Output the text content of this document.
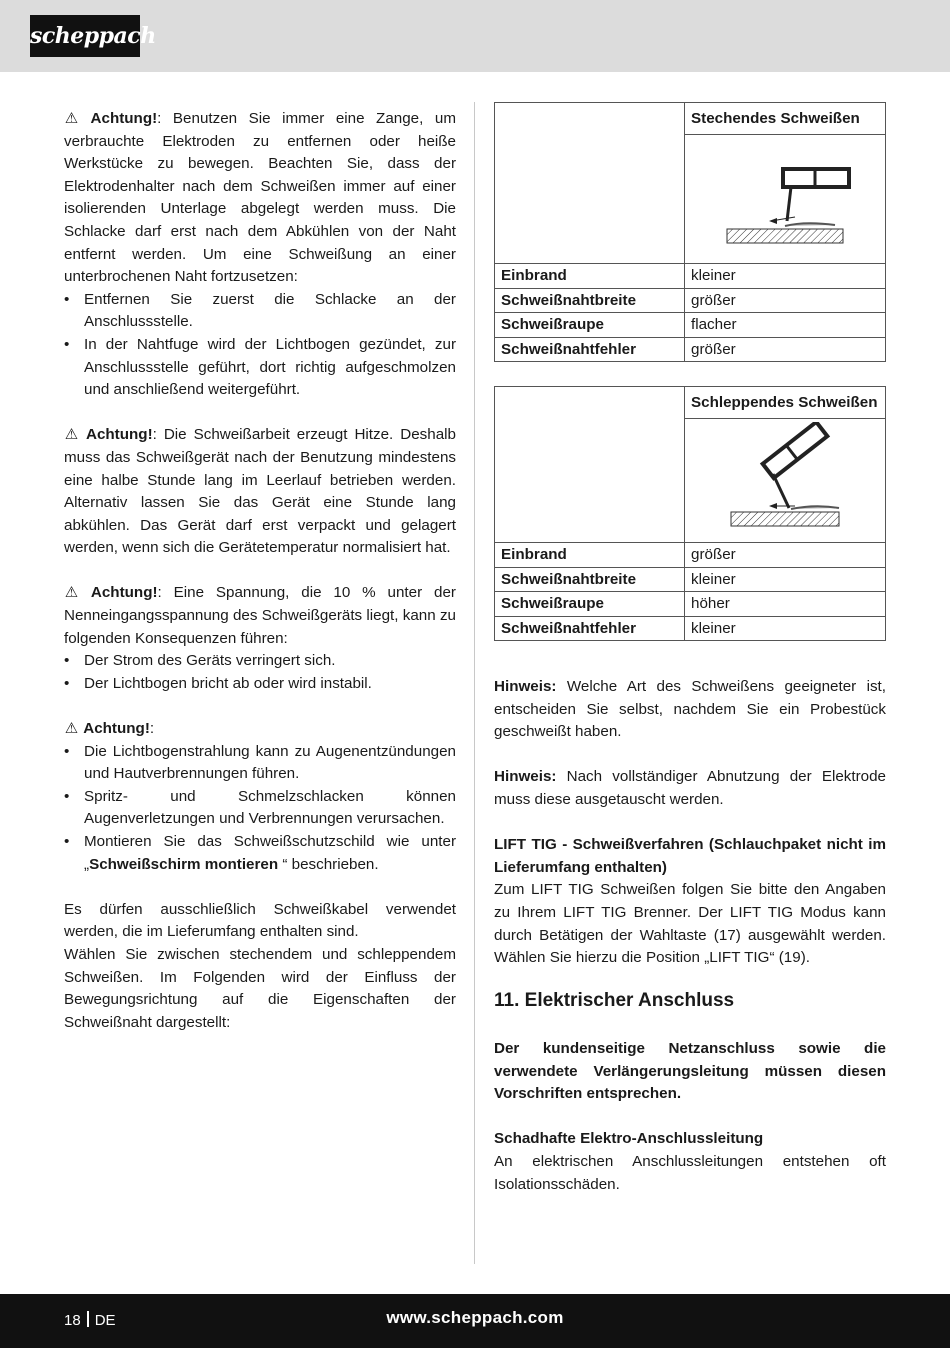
scheppach

⚠ Achtung!: Benutzen Sie immer eine Zange, um verbrauchte Elektroden zu entfernen oder heiße Werkstücke zu bewegen. Beachten Sie, dass der Elektrodenhalter nach dem Schweißen immer auf einer isolierenden Unterlage abgelegt werden muss. Die Schlacke darf erst nach dem Abkühlen von der Naht entfernt werden. Um eine Schweißung an einer unterbrochenen Naht fortzusetzen:

• Entfernen Sie zuerst die Schlacke an der Anschlussstelle.
• In der Nahtfuge wird der Lichtbogen gezündet, zur Anschlussstelle geführt, dort richtig aufgeschmolzen und anschließend weitergeführt.

⚠ Achtung!: Die Schweißarbeit erzeugt Hitze. Deshalb muss das Schweißgerät nach der Benutzung mindestens eine halbe Stunde lang im Leerlauf betrieben werden. Alternativ lassen Sie das Gerät eine Stunde lang abkühlen. Das Gerät darf erst verpackt und gelagert werden, wenn sich die Gerätetemperatur normalisiert hat.

⚠ Achtung!: Eine Spannung, die 10 % unter der Nenneingangsspannung des Schweißgeräts liegt, kann zu folgenden Konsequenzen führen:

• Der Strom des Geräts verringert sich.
• Der Lichtbogen bricht ab oder wird instabil.

⚠ Achtung!:

• Die Lichtbogenstrahlung kann zu Augenentzündungen und Hautverbrennungen führen.
• Spritz- und Schmelzschlacken können Augenverletzungen und Verbrennungen verursachen.
• Montieren Sie das Schweißschutzschild wie unter „Schweißschirm montieren “ beschrieben.

Es dürfen ausschließlich Schweißkabel verwendet werden, die im Lieferumfang enthalten sind.

Wählen Sie zwischen stechendem und schleppendem Schweißen. Im Folgenden wird der Einfluss der Bewegungsrichtung auf die Eigenschaften der Schweißnaht dargestellt:

	Stechendes Schweißen

Einbrand	kleiner
Schweißnahtbreite	größer
Schweißraupe	flacher
Schweißnahtfehler	größer
	Schleppendes Schweißen

Einbrand	größer
Schweißnahtbreite	kleiner
Schweißraupe	höher
Schweißnahtfehler	kleiner

Hinweis: Welche Art des Schweißens geeigneter ist, entscheiden Sie selbst, nachdem Sie ein Probestück geschweißt haben.

Hinweis: Nach vollständiger Abnutzung der Elektrode muss diese ausgetauscht werden.

LIFT TIG - Schweißverfahren (Schlauchpaket nicht im Lieferumfang enthalten)

Zum LIFT TIG Schweißen folgen Sie bitte den Angaben zu Ihrem LIFT TIG Brenner. Der LIFT TIG Modus kann durch Betätigen der Wahltaste (17) ausgewählt werden. Wählen Sie hierzu die Position „LIFT TIG“ (19).

11. Elektrischer Anschluss

Der kundenseitige Netzanschluss sowie die verwendete Verlängerungsleitung müssen diesen Vorschriften entsprechen.

Schadhafte Elektro-Anschlussleitung

An elektrischen Anschlussleitungen entstehen oft Isolationsschäden.

18 DE	www.scheppach.com
